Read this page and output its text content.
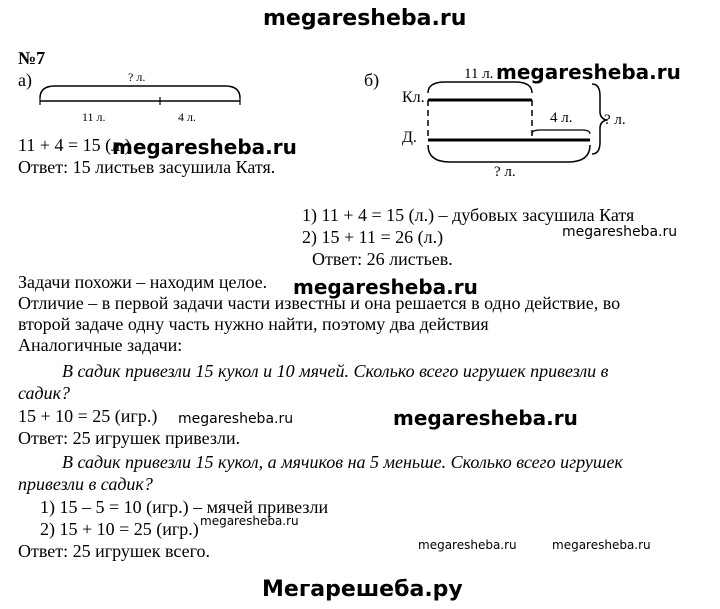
megaresheba.ru
№7
а)	? л.
11 л.	4 л.
11 + 4 = 15 (л.)
Ответ: 15 листьев засушила Катя.
б)	11 л.
Кл.
Д.
4 л. ? л.
? л.
1) 11 + 4 = 15 (л.) – дубовых засушила Катя
2) 15 + 11 = 26 (л.)
Ответ: 26 листьев.
Задачи похожи – находим целое.
Отличие – в первой задачи части известны и она решается в одно действие, во
второй задаче одну часть нужно найти, поэтому два действия
Аналогичные задачи:
В садик привезли 15 кукол и 10 мячей. Сколько всего игрушек привезли в
садик?
15 + 10 = 25 (игр.)
Ответ: 25 игрушек привезли.
В садик привезли 15 кукол, а мячиков на 5 меньше. Сколько всего игрушек
привезли в садик?
1) 15 – 5 = 10 (игр.) – мячей привезли
2) 15 + 10 = 25 (игр.)
Ответ: 25 игрушек всего.
megaresheba.ru
megaresheba.ru
megaresheba.ru
megaresheba.ru
megaresheba.ru	megaresheba.ru
megaresheba.ru
megaresheba.ru	megaresheba.ru
Мегарешеба.ру
